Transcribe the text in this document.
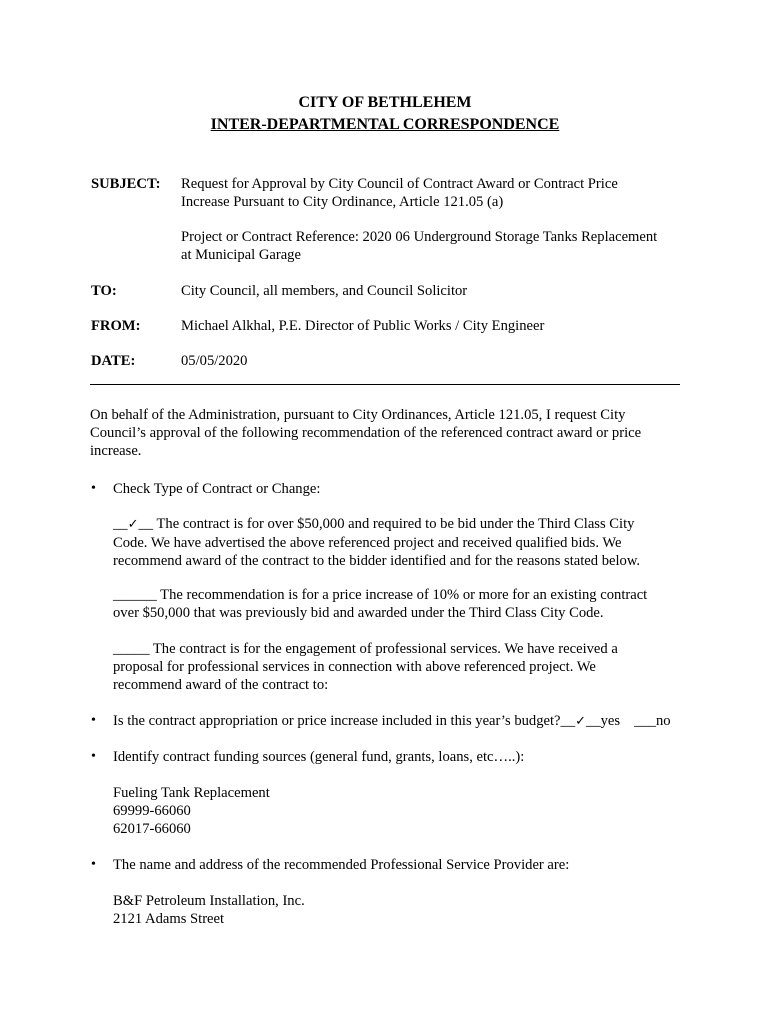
CITY OF BETHLEHEM
INTER-DEPARTMENTAL CORRESPONDENCE
SUBJECT: Request for Approval by City Council of Contract Award or Contract Price
Increase Pursuant to City Ordinance, Article 121.05 (a)
Project or Contract Reference: 2020 06 Underground Storage Tanks Replacement
at Municipal Garage
TO:	City Council, all members, and Council Solicitor
FROM:	Michael Alkhal, P.E. Director of Public Works / City Engineer
DATE:	05/05/2020
On behalf of the Administration, pursuant to City Ordinances, Article 121.05, I request City
Council’s approval of the following recommendation of the referenced contract award or price
increase.
• Check Type of Contract or Change:
__✓__ The contract is for over $50,000 and required to be bid under the Third Class City
Code. We have advertised the above referenced project and received qualified bids. We
recommend award of the contract to the bidder identified and for the reasons stated below.
______ The recommendation is for a price increase of 10% or more for an existing contract
over $50,000 that was previously bid and awarded under the Third Class City Code.
_____ The contract is for the engagement of professional services. We have received a
proposal for professional services in connection with above referenced project. We
recommend award of the contract to:
• Is the contract appropriation or price increase included in this year’s budget?__✓__yes ___no
• Identify contract funding sources (general fund, grants, loans, etc…..):
Fueling Tank Replacement
69999-66060
62017-66060
• The name and address of the recommended Professional Service Provider are:
B&F Petroleum Installation, Inc.
2121 Adams Street
